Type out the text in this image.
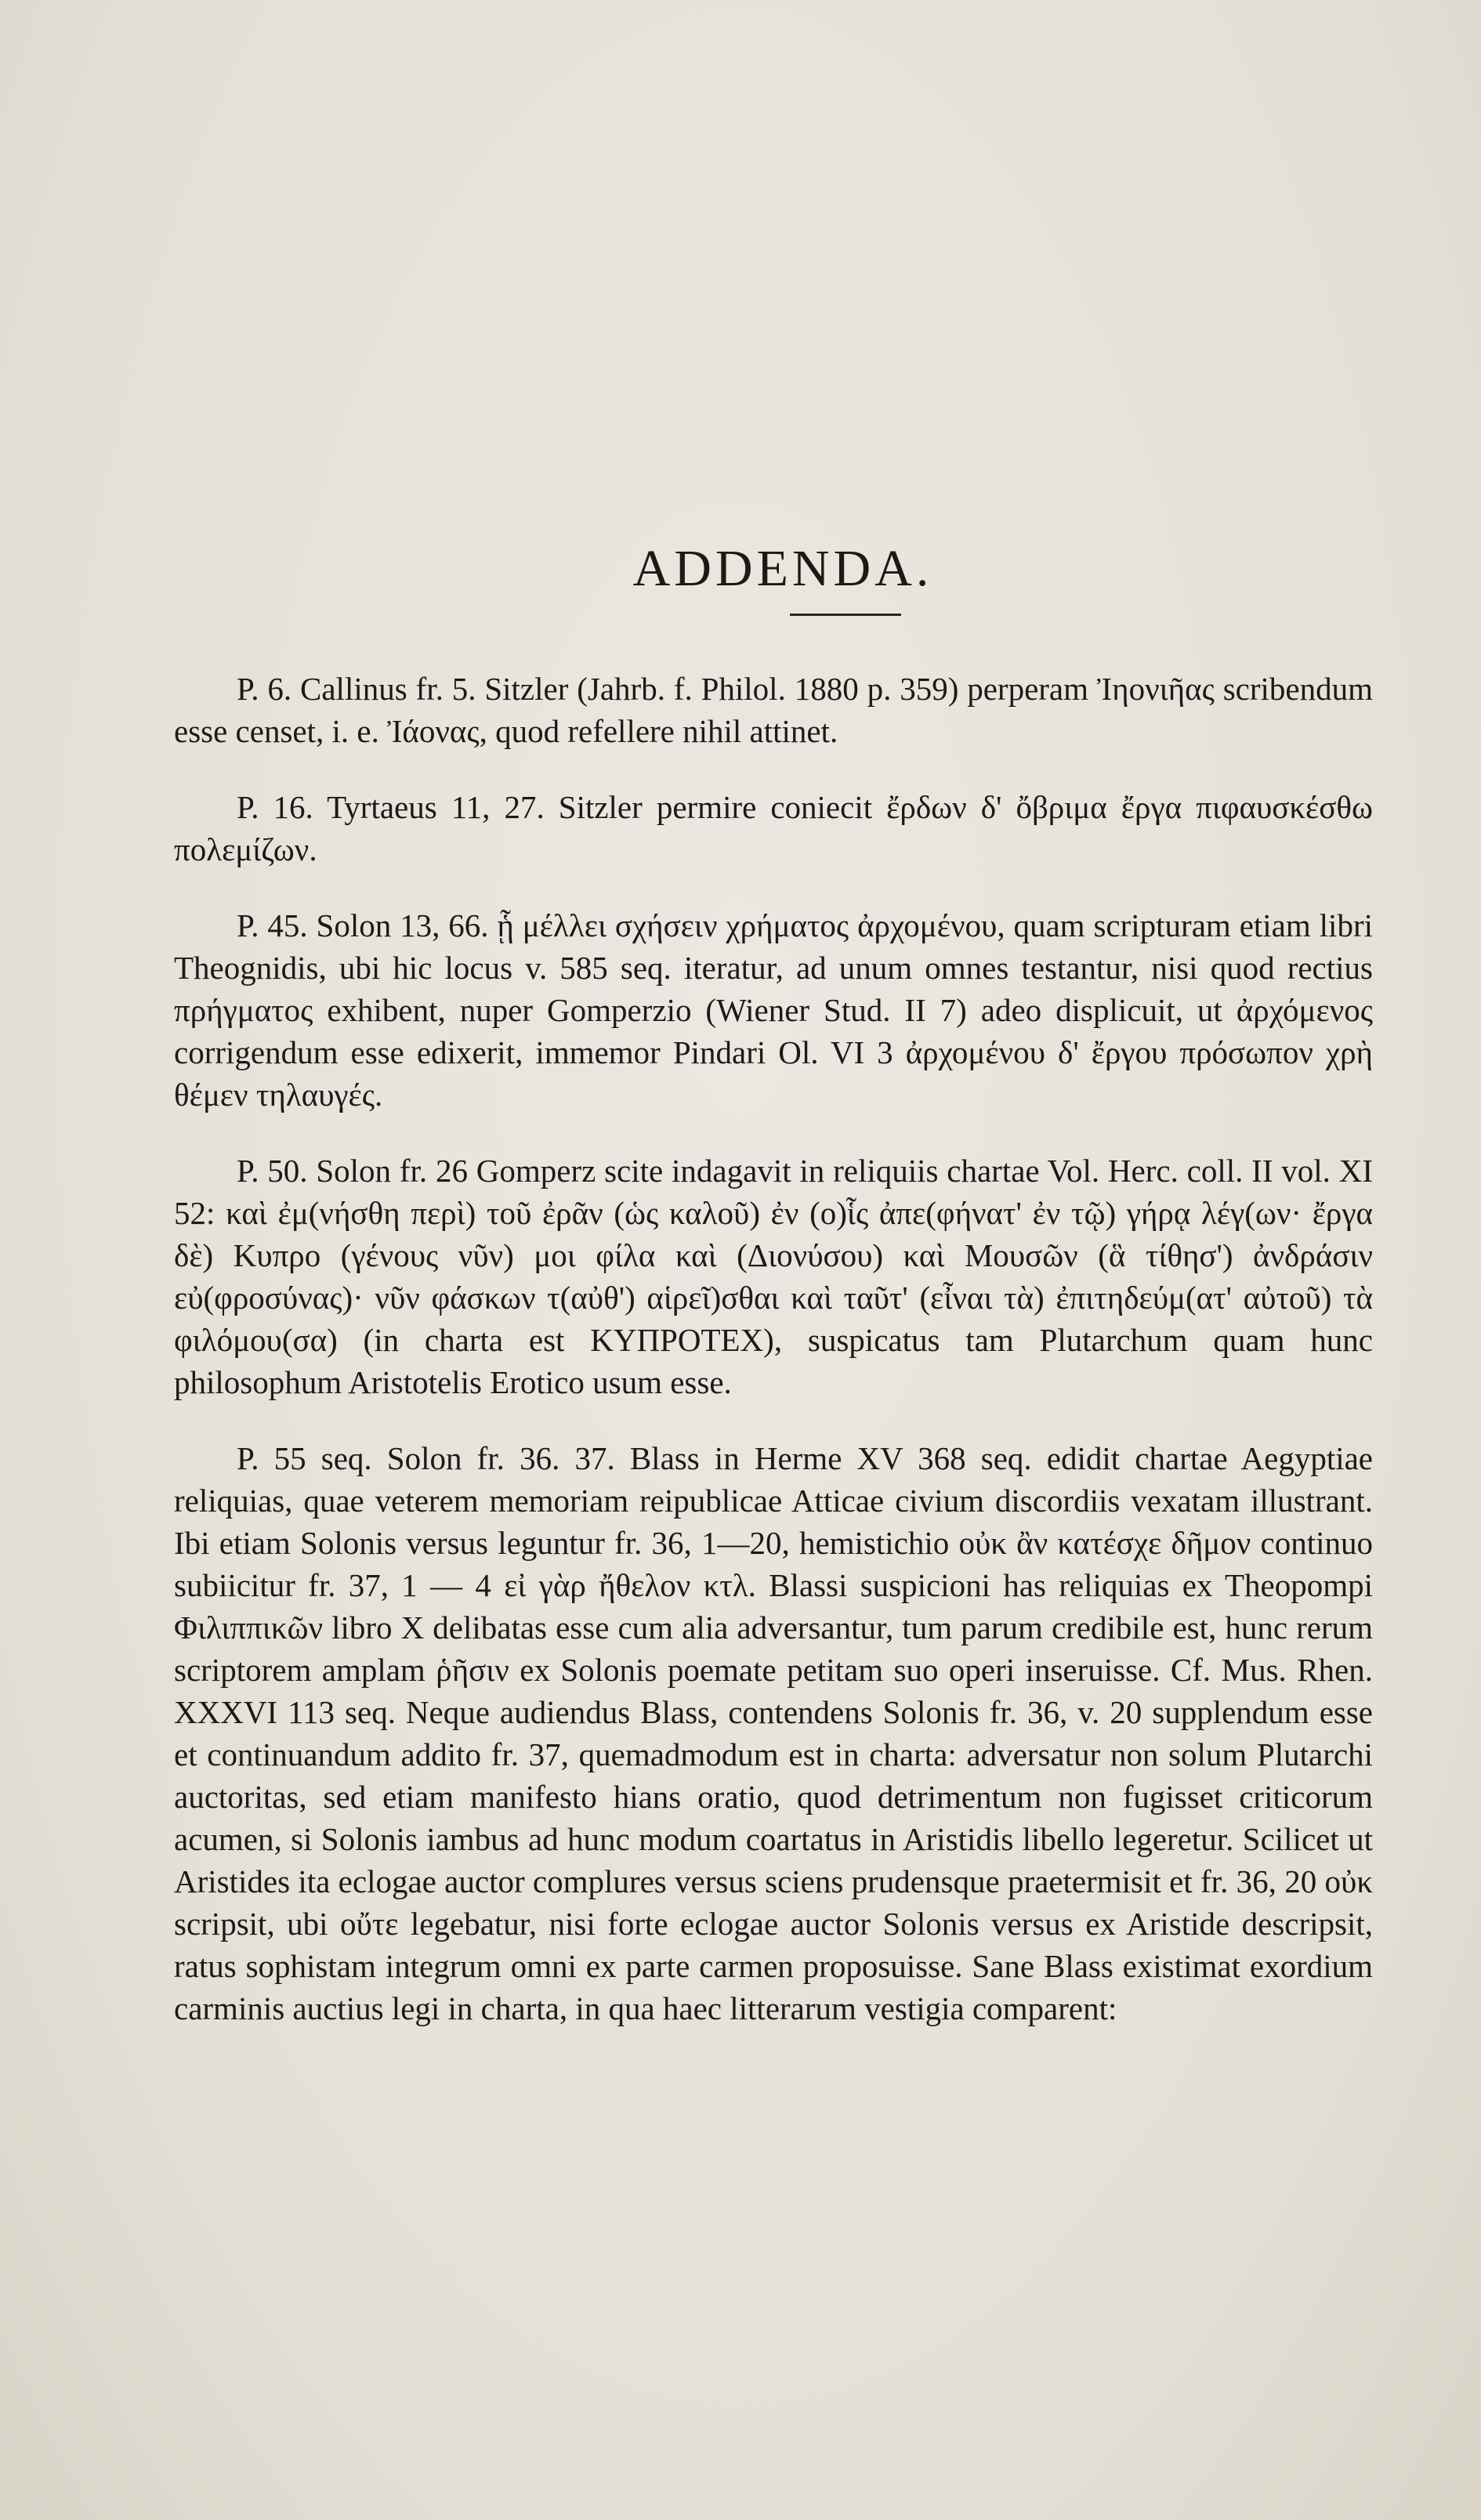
ADDENDA.

P. 6. Callinus fr. 5. Sitzler (Jahrb. f. Philol. 1880 p. 359) perperam Ἰηονιῆας scribendum esse censet, i. e. Ἰάονας, quod refellere nihil attinet.

P. 16. Tyrtaeus 11, 27. Sitzler permire coniecit ἔρδων δ' ὄβριμα ἔργα πιφαυσκέσθω πολεμίζων.

P. 45. Solon 13, 66. ᾗ μέλλει σχήσειν χρήματος ἀρχομένου, quam scripturam etiam libri Theognidis, ubi hic locus v. 585 seq. iteratur, ad unum omnes testantur, nisi quod rectius πρήγματος exhibent, nuper Gomperzio (Wiener Stud. II 7) adeo displicuit, ut ἀρχόμενος corrigendum esse edixerit, immemor Pindari Ol. VI 3 ἀρχομένου δ' ἔργου πρόσωπον χρὴ θέμεν τηλαυγές.

P. 50. Solon fr. 26 Gomperz scite indagavit in reliquiis chartae Vol. Herc. coll. II vol. XI 52: καὶ ἐμ(νήσθη περὶ) τοῦ ἐρᾶν (ὡς καλοῦ) ἐν (ο)ἷς ἀπε(φήνατ' ἐν τῷ) γήρᾳ λέγ(ων· ἔργα δὲ) Κυπρο (γένους νῦν) μοι φίλα καὶ (Διονύσου) καὶ Μουσῶν (ἃ τίθησ') ἀνδράσιν εὐ(φροσύνας)· νῦν φάσκων τ(αὐθ') αἱρεῖ)σθαι καὶ ταῦτ' (εἶναι τὰ) ἐπιτηδεύμ(ατ' αὐτοῦ) τὰ φιλόμου(σα) (in charta est ΚΥΠΡΟΤΕΧ), suspicatus tam Plutarchum quam hunc philosophum Aristotelis Erotico usum esse.

P. 55 seq. Solon fr. 36. 37. Blass in Herme XV 368 seq. edidit chartae Aegyptiae reliquias, quae veterem memoriam reipublicae Atticae civium discordiis vexatam illustrant. Ibi etiam Solonis versus leguntur fr. 36, 1—20, hemistichio οὐκ ἂν κατέσχε δῆμον continuo subiicitur fr. 37, 1 — 4 εἰ γὰρ ἤθελον κτλ. Blassi suspicioni has reliquias ex Theopompi Φιλιππικῶν libro X delibatas esse cum alia adversantur, tum parum credibile est, hunc rerum scriptorem amplam ῥῆσιν ex Solonis poemate petitam suo operi inseruisse. Cf. Mus. Rhen. XXXVI 113 seq. Neque audiendus Blass, contendens Solonis fr. 36, v. 20 supplendum esse et continuandum addito fr. 37, quemadmodum est in charta: adversatur non solum Plutarchi auctoritas, sed etiam manifesto hians oratio, quod detrimentum non fugisset criticorum acumen, si Solonis iambus ad hunc modum coartatus in Aristidis libello legeretur. Scilicet ut Aristides ita eclogae auctor complures versus sciens prudensque praetermisit et fr. 36, 20 οὐκ scripsit, ubi οὔτε legebatur, nisi forte eclogae auctor Solonis versus ex Aristide descripsit, ratus sophistam integrum omni ex parte carmen proposuisse. Sane Blass existimat exordium carminis auctius legi in charta, in qua haec litterarum vestigia comparent:
